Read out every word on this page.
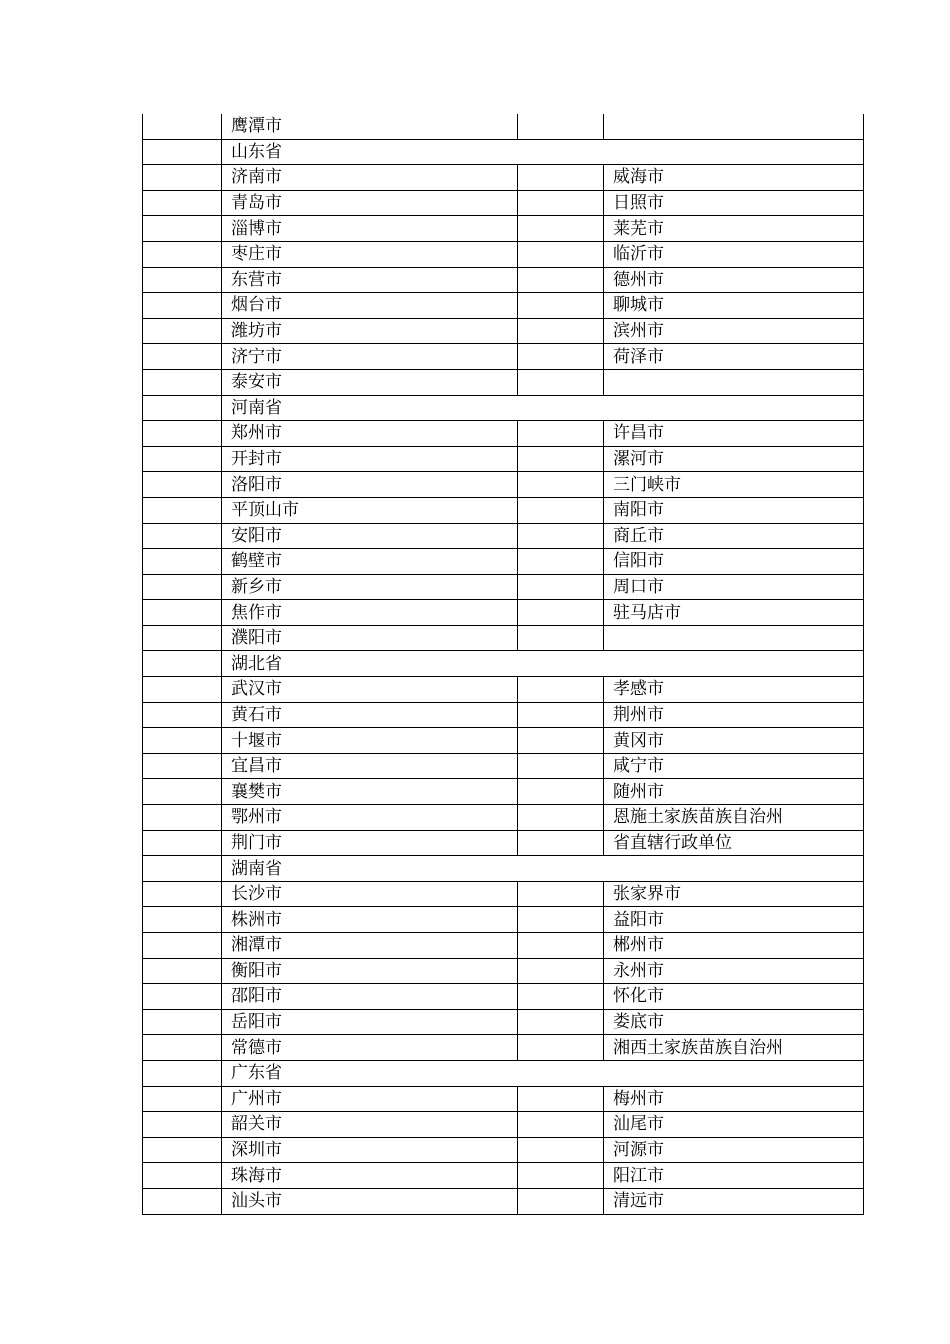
	鹰潭市		
	山东省		
	济南市		威海市
	青岛市		日照市
	淄博市		莱芜市
	枣庄市		临沂市
	东营市		德州市
	烟台市		聊城市
	潍坊市		滨州市
	济宁市		荷泽市
	泰安市		
	河南省		
	郑州市		许昌市
	开封市		漯河市
	洛阳市		三门峡市
	平顶山市		南阳市
	安阳市		商丘市
	鹤壁市		信阳市
	新乡市		周口市
	焦作市		驻马店市
	濮阳市		
	湖北省		
	武汉市		孝感市
	黄石市		荆州市
	十堰市		黄冈市
	宜昌市		咸宁市
	襄樊市		随州市
	鄂州市		恩施土家族苗族自治州
	荆门市		省直辖行政单位
	湖南省		
	长沙市		张家界市
	株洲市		益阳市
	湘潭市		郴州市
	衡阳市		永州市
	邵阳市		怀化市
	岳阳市		娄底市
	常德市		湘西土家族苗族自治州
	广东省		
	广州市		梅州市
	韶关市		汕尾市
	深圳市		河源市
	珠海市		阳江市
	汕头市		清远市
